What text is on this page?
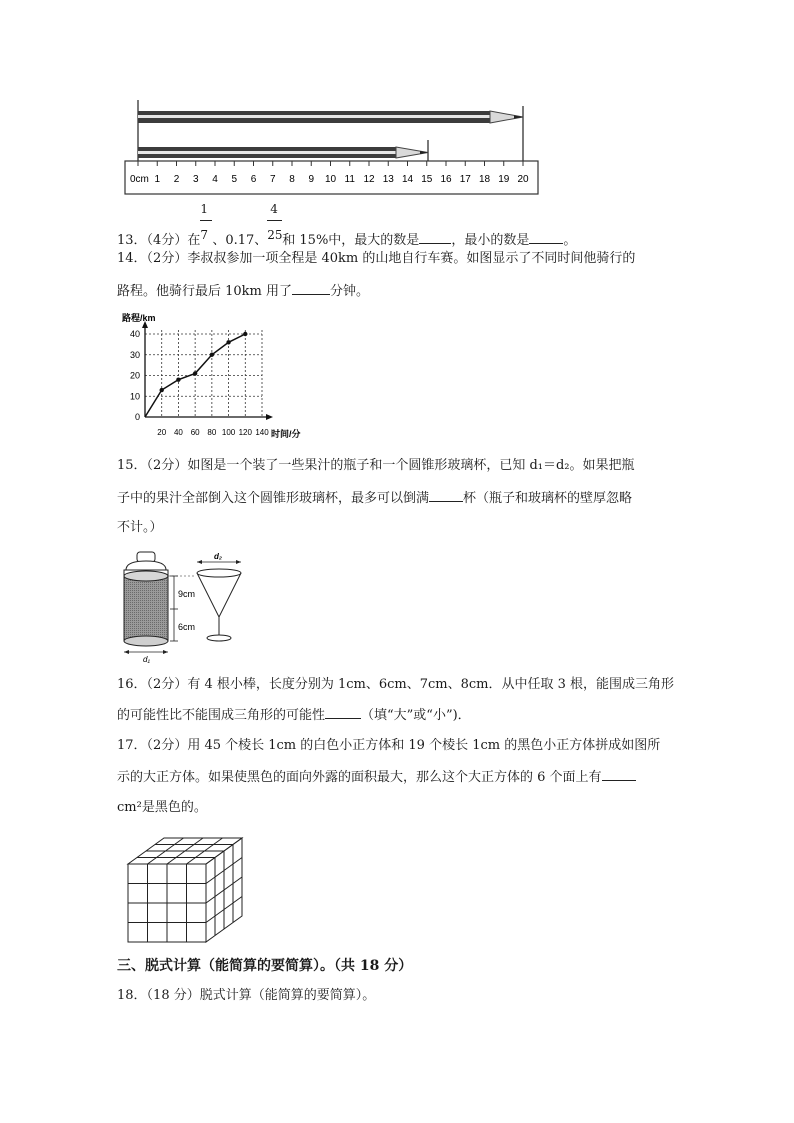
0cm 1 2 3 4 5 6 7 8 9 10 11 12 13 14 15 16 17 18 19 20
13．（4分）在 $\frac{1}{7}$ 、0.17、 $\frac{4}{25}$ 和 15%中，最大的数是 ，最小的数是	。
14．（2分）李叔叔参加一项全程是 40km 的山地自行车赛。如图显示了不同时间他骑行的
路程。他骑行最后 10km 用了	分钟。
0
10
20
30
40
20 40 60 80 100 120 140
路程/km
时间/分
15．（2分）如图是一个装了一些果汁的瓶子和一个圆锥形玻璃杯，已知 d₁＝d₂。如果把瓶
子中的果汁全部倒入这个圆锥形玻璃杯，最多可以倒满	杯（瓶子和玻璃杯的壁厚忽略
不计。）
9cm
6cm
d₁
d₂
16．（2分）有 4 根小棒，长度分别为 1cm、6cm、7cm、8cm．从中任取 3 根，能围成三角形
的可能性比不能围成三角形的可能性	（填“大”或“小”)．
17．（2分）用 45 个棱长 1cm 的白色小正方体和 19 个棱长 1cm 的黑色小正方体拼成如图所
示的大正方体。如果使黑色的面向外露的面积最大，那么这个大正方体的 6 个面上有
cm²是黑色的。
三、脱式计算（能简算的要简算）。（共 18 分）
18．（18 分）脱式计算（能简算的要简算）。
